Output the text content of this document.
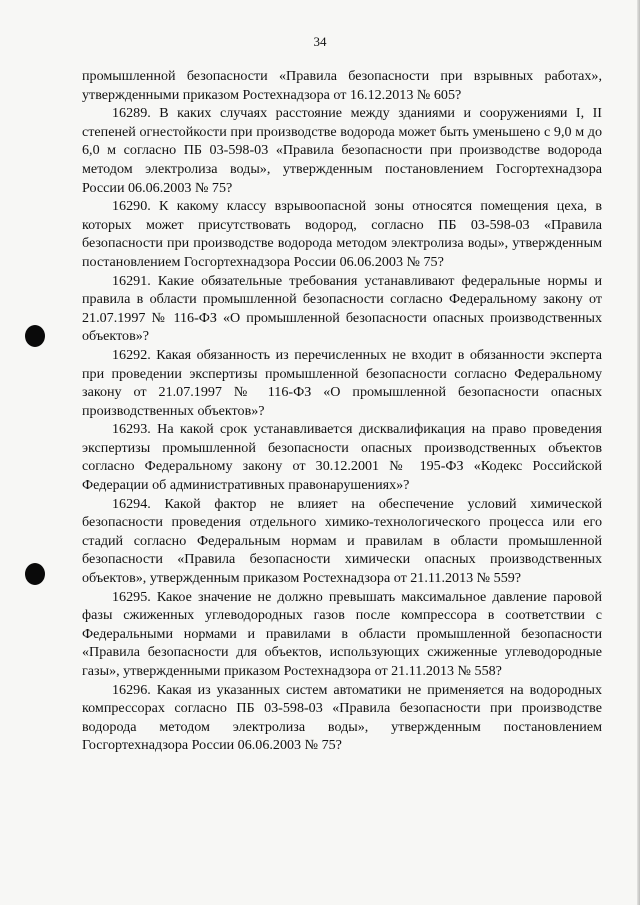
34

промышленной безопасности «Правила безопасности при взрывных работах», утвержденными приказом Ростехнадзора от 16.12.2013 № 605?

16289. В каких случаях расстояние между зданиями и сооружениями I, II степеней огнестойкости при производстве водорода может быть уменьшено с 9,0 м до 6,0 м согласно ПБ 03-598-03 «Правила безопасности при производстве водорода методом электролиза воды», утвержденным постановлением Госгортехнадзора России 06.06.2003 № 75?

16290. К какому классу взрывоопасной зоны относятся помещения цеха, в которых может присутствовать водород, согласно ПБ 03-598-03 «Правила безопасности при производстве водорода методом электролиза воды», утвержденным постановлением Госгортехнадзора России 06.06.2003 № 75?

16291. Какие обязательные требования устанавливают федеральные нормы и правила в области промышленной безопасности согласно Федеральному закону от 21.07.1997 № 116-ФЗ «О промышленной безопасности опасных производственных объектов»?

16292. Какая обязанность из перечисленных не входит в обязанности эксперта при проведении экспертизы промышленной безопасности согласно Федеральному закону от 21.07.1997 № 116-ФЗ «О промышленной безопасности опасных производственных объектов»?

16293. На какой срок устанавливается дисквалификация на право проведения экспертизы промышленной безопасности опасных производственных объектов согласно Федеральному закону от 30.12.2001 № 195-ФЗ «Кодекс Российской Федерации об административных правонарушениях»?

16294. Какой фактор не влияет на обеспечение условий химической безопасности проведения отдельного химико-технологического процесса или его стадий согласно Федеральным нормам и правилам в области промышленной безопасности «Правила безопасности химически опасных производственных объектов», утвержденным приказом Ростехнадзора от 21.11.2013 № 559?

16295. Какое значение не должно превышать максимальное давление паровой фазы сжиженных углеводородных газов после компрессора в соответствии с Федеральными нормами и правилами в области промышленной безопасности «Правила безопасности для объектов, использующих сжиженные углеводородные газы», утвержденными приказом Ростехнадзора от 21.11.2013 № 558?

16296. Какая из указанных систем автоматики не применяется на водородных компрессорах согласно ПБ 03-598-03 «Правила безопасности при производстве водорода методом электролиза воды», утвержденным постановлением Госгортехнадзора России 06.06.2003 № 75?
